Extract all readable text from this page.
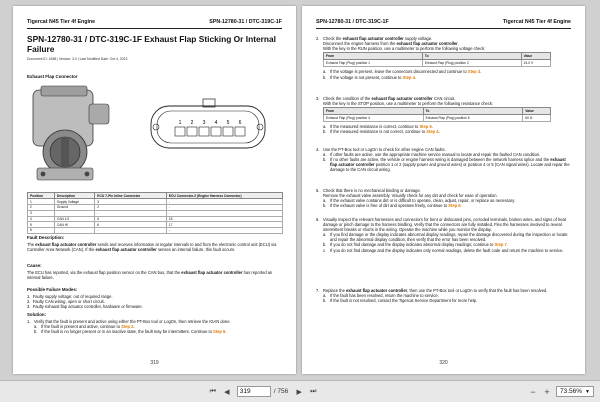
Tigercat N45 Tier 4f Engine	SPN-12780-31 / DTC-319C-1F
SPN-12780-31 / DTC-319C-1F Exhaust Flap Sticking Or Internal Failure
Document ID: 1688 | Version: 3.0 | Last Modified Date: Oct 4, 2023
Exhaust Flap Connector
1 2 3 4 5 6
Position	Description	ECU 7-Pin Inline Connector	ECU Connector-2 (Engine Harness Connector)
1	Supply Voltage	3	-
2	Ground	2	-
3		-	-
4	CAN LO	6	18
5	CAN HI	6	17
6		-	-
Fault Description:
The exhaust flap actuator controller sends and receives information at regular intervals to and from the electronic control unit (ECU) via Controller Area Network (CAN). If the exhaust flap actuator controller senses an internal failure, this fault occurs.
Cause:
The ECU has reported, via the exhaust flap position sensor on the CAN bus, that the exhaust flap actuator controller has reported an internal failure.
Possible Failure Modes:
1.  Faulty supply voltage; out of required range.
2.  Faulty CAN wiring, open or short circuit.
3.  Faulty exhaust flap actuator controller, hardware or firmware.
Solution:
1. Verify that the fault is present and active using either the PT-Box tool or LogOn, then retrieve the IGAN done.
a. If the fault is present and active, continue to Step 2.
b. If the fault is no longer present or in an inactive state, the fault may be intermittent. Continue to Step 6.
319
SPN-12780-31 / DTC-319C-1F	Tigercat N45 Tier 4f Engine
2. Check the exhaust flap actuator controller supply voltage.
Disconnect the engine harness from the exhaust flap actuator controller.
With the key in the RUN position, use a multimeter to perform the following voltage check:
From	To	Value
Exhaust Flap (Plug) position 1	Exhaust Flap (Plug) position 2	24.0 V
a. If the voltage is present, leave the connectors disconnected and continue to Step 3.
b. If the voltage is not present, continue to Step 4.
3. Check the condition of the exhaust flap actuator controller CAN circuit.
With the key in the STOP position, use a multimeter to perform the following resistance check:
From	To	Value
Exhaust Flap (Plug) position 4	Exhaust Flap (Plug) position 5	60 Ω
a. If the measured resistance is correct, continue to Step 5.
b. If the measured resistance is not correct, continue to Step 4.
4. Use the PT-Box tool or LogOn to check for other engine CAN faults.
a. If other faults are active, use the appropriate machine service manual to locate and repair the faulted CAN condition.
b. If no other faults are active, the vehicle or engine harness wiring is damaged between the network harness splice and the exhaust flap actuator controller position 1 or 2 (supply power and ground wires) or position 4 or 5 (CAN signal wires). Locate and repair the damage to the CAN circuit wiring.
5. Check that there is no mechanical binding or damage.
Remove the exhaust valve assembly. Visually check for any dirt and check for ease of operation.
a. If the exhaust valve contains dirt or is difficult to operate, clean, adjust, repair, or replace as necessary.
b. If the exhaust valve is free of dirt and operates freely, continue to Step 6.
6. Visually inspect the relevant harnesses and connectors for bent or dislocated pins, corroded terminals, broken wires, and signs of heat damage or pinch damage to the harness bindling. Verify that the connectors are fully installed. Flex the harnesses involved to reveal intermittent breaks or shorts in the wiring. Operate the machine while you monitor the display.
a. If you find damage or the display indicates abnormal display readings, repair the damage discovered during the inspection or locate and repair the abnormal display condition, then verify that the error has been resolved.
b. If you do not find damage and the display indicates abnormal display readings; continue to Step 7.
c. If you do not find damage and the display indicates only normal readings, delete the fault code and return the machine to service.
7. Replace the exhaust flap actuator controller, then use the PT-Box tool or LogOn to verify that the fault has been resolved.
a. If the fault has been resolved, return the machine to service.
b. If the fault is not resolved, contact the Tigercat Service Department for more help.
320
⏮	◀	319	/ 756	▶	⏭	− +	73.56% ▼
